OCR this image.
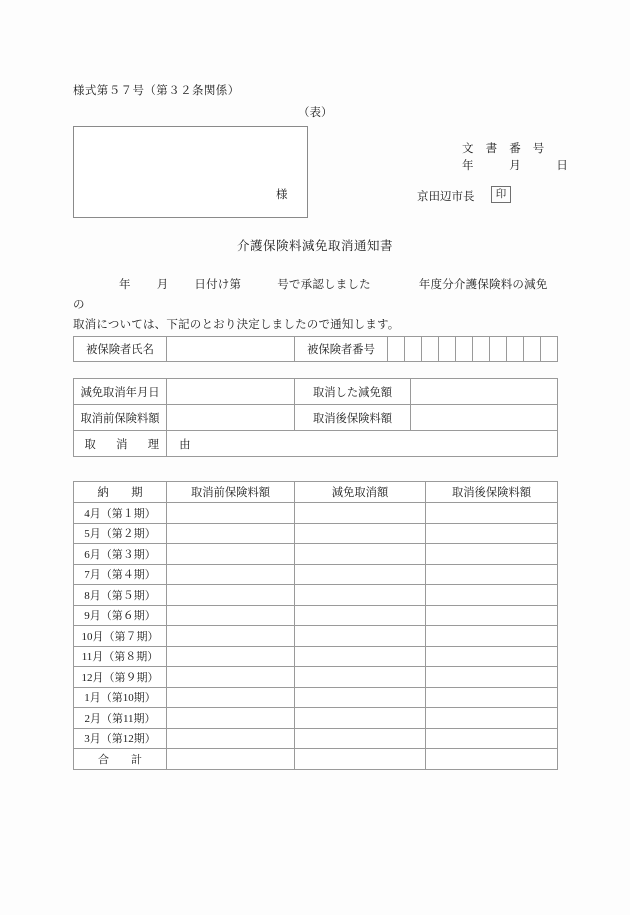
様式第５７号（第３２条関係）
（表）
様
文　書　番　号
年　　　月　　　日
京田辺市長	印
介護保険料減免取消通知書
年 月 日付け第	号で承認しました	年度分介護保険料の減免の
取消については、下記のとおり決定しましたので通知します。
被保険者氏名		被保険者番号										
減免取消年月日		取消した減免額	
取消前保険料額		取消後保険料額	
取　消　理　由			
納　　期	取消前保険料額	減免取消額	取消後保険料額
4月（第１期）			
5月（第２期）			
6月（第３期）			
7月（第４期）			
8月（第５期）			
9月（第６期）			
10月（第７期）			
11月（第８期）			
12月（第９期）			
1月（第10期）			
2月（第11期）			
3月（第12期）			
合　　計			
